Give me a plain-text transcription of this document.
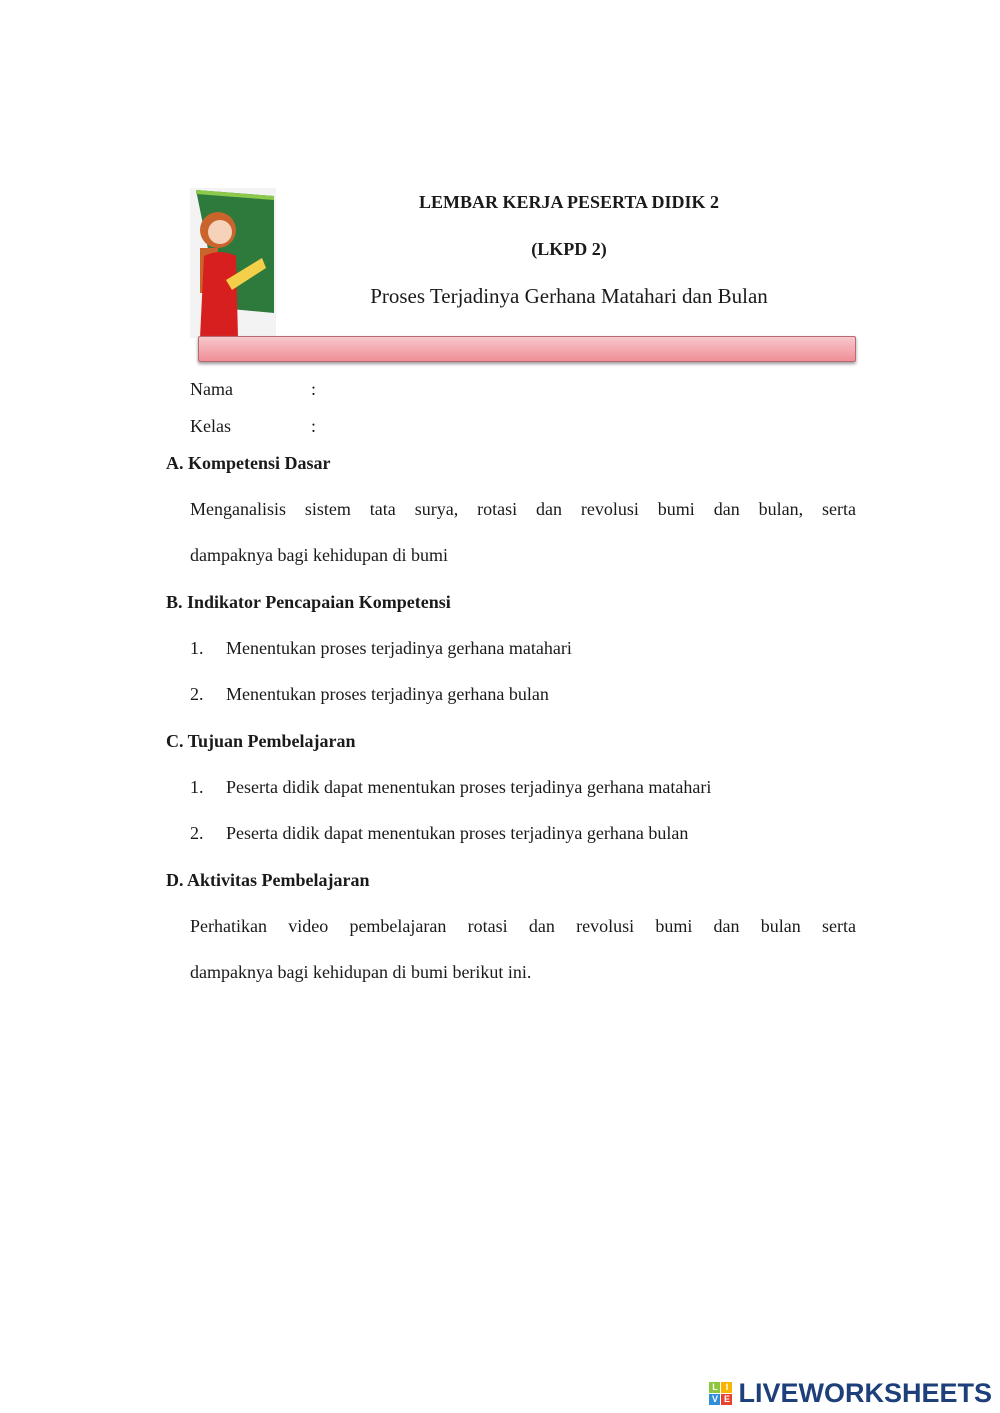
LEMBAR KERJA PESERTA DIDIK 2
(LKPD 2)
Proses Terjadinya Gerhana Matahari dan Bulan
Nama	:
Kelas	:
A. Kompetensi Dasar
Menganalisis sistem tata surya, rotasi dan revolusi bumi dan bulan, serta
dampaknya bagi kehidupan di bumi
B. Indikator Pencapaian Kompetensi
1. Menentukan proses terjadinya gerhana matahari
2. Menentukan proses terjadinya gerhana bulan
C. Tujuan Pembelajaran
1. Peserta didik dapat menentukan proses terjadinya gerhana matahari
2. Peserta didik dapat menentukan proses terjadinya gerhana bulan
D. Aktivitas Pembelajaran
Perhatikan video pembelajaran rotasi dan revolusi bumi dan bulan serta
dampaknya bagi kehidupan di bumi berikut ini.
L I
V E LIVEWORKSHEETS
